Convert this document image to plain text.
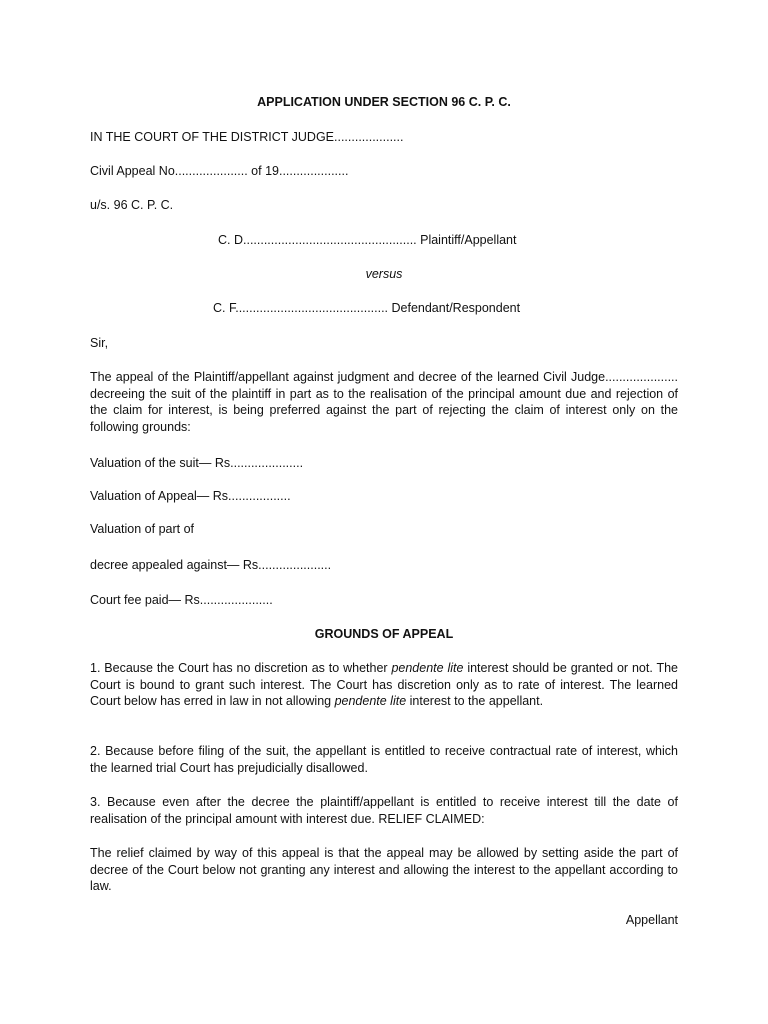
APPLICATION UNDER SECTION 96 C. P. C.
IN THE COURT OF THE DISTRICT JUDGE....................
Civil Appeal No..................... of 19....................
u/s. 96 C. P. C.
C. D.................................................. Plaintiff/Appellant
versus
C. F............................................ Defendant/Respondent
Sir,
The appeal of the Plaintiff/appellant against judgment and decree of the learned Civil Judge..................... decreeing the suit of the plaintiff in part as to the realisation of the principal amount due and rejection of the claim for interest, is being preferred against the part of rejecting the claim of interest only on the following grounds:
Valuation of the suit— Rs.....................
Valuation of Appeal— Rs..................
Valuation of part of
decree appealed against— Rs.....................
Court fee paid— Rs.....................
GROUNDS OF APPEAL
1. Because the Court has no discretion as to whether pendente lite interest should be granted or not. The Court is bound to grant such interest. The Court has discretion only as to rate of interest. The learned Court below has erred in law in not allowing pendente lite interest to the appellant.
2. Because before filing of the suit, the appellant is entitled to receive contractual rate of interest, which the learned trial Court has prejudicially disallowed.
3. Because even after the decree the plaintiff/appellant is entitled to receive interest till the date of realisation of the principal amount with interest due. RELIEF CLAIMED:
The relief claimed by way of this appeal is that the appeal may be allowed by setting aside the part of decree of the Court below not granting any interest and allowing the interest to the appellant according to law.
Appellant
